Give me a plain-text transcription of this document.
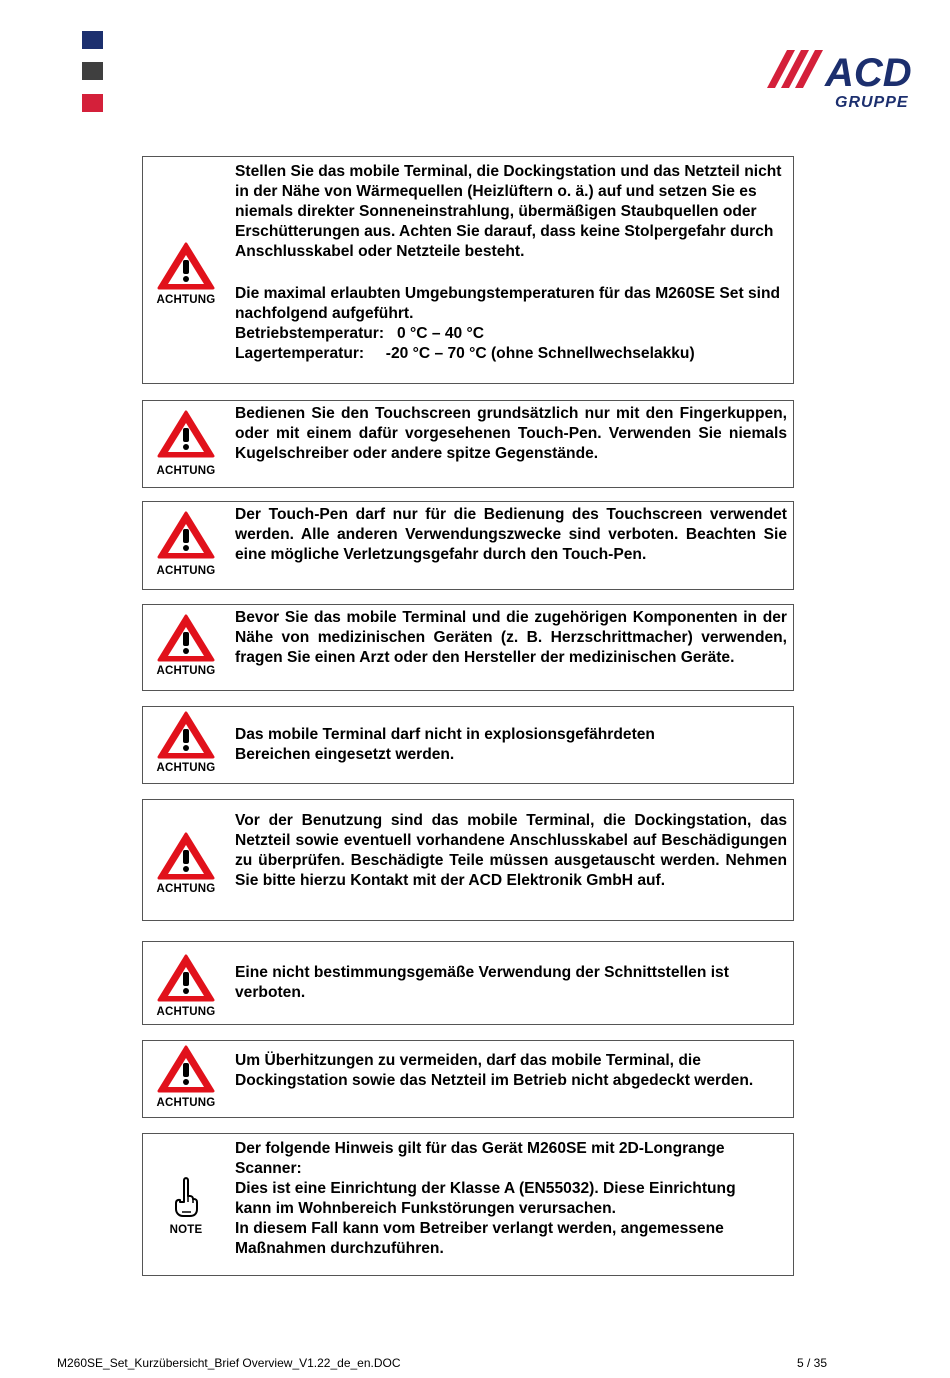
ACD
GRUPPE
ACHTUNG

Stellen Sie das mobile Terminal, die Dockingstation und das Netzteil nicht in der Nähe von Wärmequellen (Heizlüftern o. ä.) auf und setzen Sie es niemals direkter Sonneneinstrahlung, übermäßigen Staubquellen oder Erschütterungen aus. Achten Sie darauf, dass keine Stolpergefahr durch Anschlusskabel oder Netzteile besteht.

Die maximal erlaubten Umgebungstemperaturen für das M260SE Set sind nachfolgend aufgeführt.

Betriebstemperatur:   0 °C – 40 °C

Lagertemperatur:     -20 °C – 70 °C (ohne Schnellwechselakku)

ACHTUNG

Bedienen Sie den Touchscreen grundsätzlich nur mit den Fingerkuppen, oder mit einem dafür vorgesehenen Touch-Pen. Verwenden Sie niemals Kugelschreiber oder andere spitze Gegenstände.

ACHTUNG

Der Touch-Pen darf nur für die Bedienung des Touchscreen verwendet werden. Alle anderen Verwendungszwecke sind verboten. Beachten Sie eine mögliche Verletzungsgefahr durch den Touch-Pen.

ACHTUNG

Bevor Sie das mobile Terminal und die zugehörigen Komponenten in der Nähe von medizinischen Geräten (z. B. Herzschrittmacher) verwenden, fragen Sie einen Arzt oder den Hersteller der medizinischen Geräte.

ACHTUNG

Das mobile Terminal darf nicht in explosionsgefährdeten Bereichen eingesetzt werden.

ACHTUNG

Vor der Benutzung sind das mobile Terminal, die Dockingstation, das Netzteil sowie eventuell vorhandene Anschlusskabel auf Beschädigungen zu überprüfen. Beschädigte Teile müssen ausgetauscht werden. Nehmen Sie bitte hierzu Kontakt mit der ACD Elektronik GmbH auf.

ACHTUNG

Eine nicht bestimmungsgemäße Verwendung der Schnittstellen ist verboten.

ACHTUNG

Um Überhitzungen zu vermeiden, darf das mobile Terminal, die Dockingstation sowie das Netzteil im Betrieb nicht abgedeckt werden.

NOTE

Der folgende Hinweis gilt für das Gerät M260SE mit 2D-Longrange Scanner:

Dies ist eine Einrichtung der Klasse A (EN55032). Diese Einrichtung kann im Wohnbereich Funkstörungen verursachen.

In diesem Fall kann vom Betreiber verlangt werden, angemessene Maßnahmen durchzuführen.

M260SE_Set_Kurzübersicht_Brief Overview_V1.22_de_en.DOC	5 / 35
